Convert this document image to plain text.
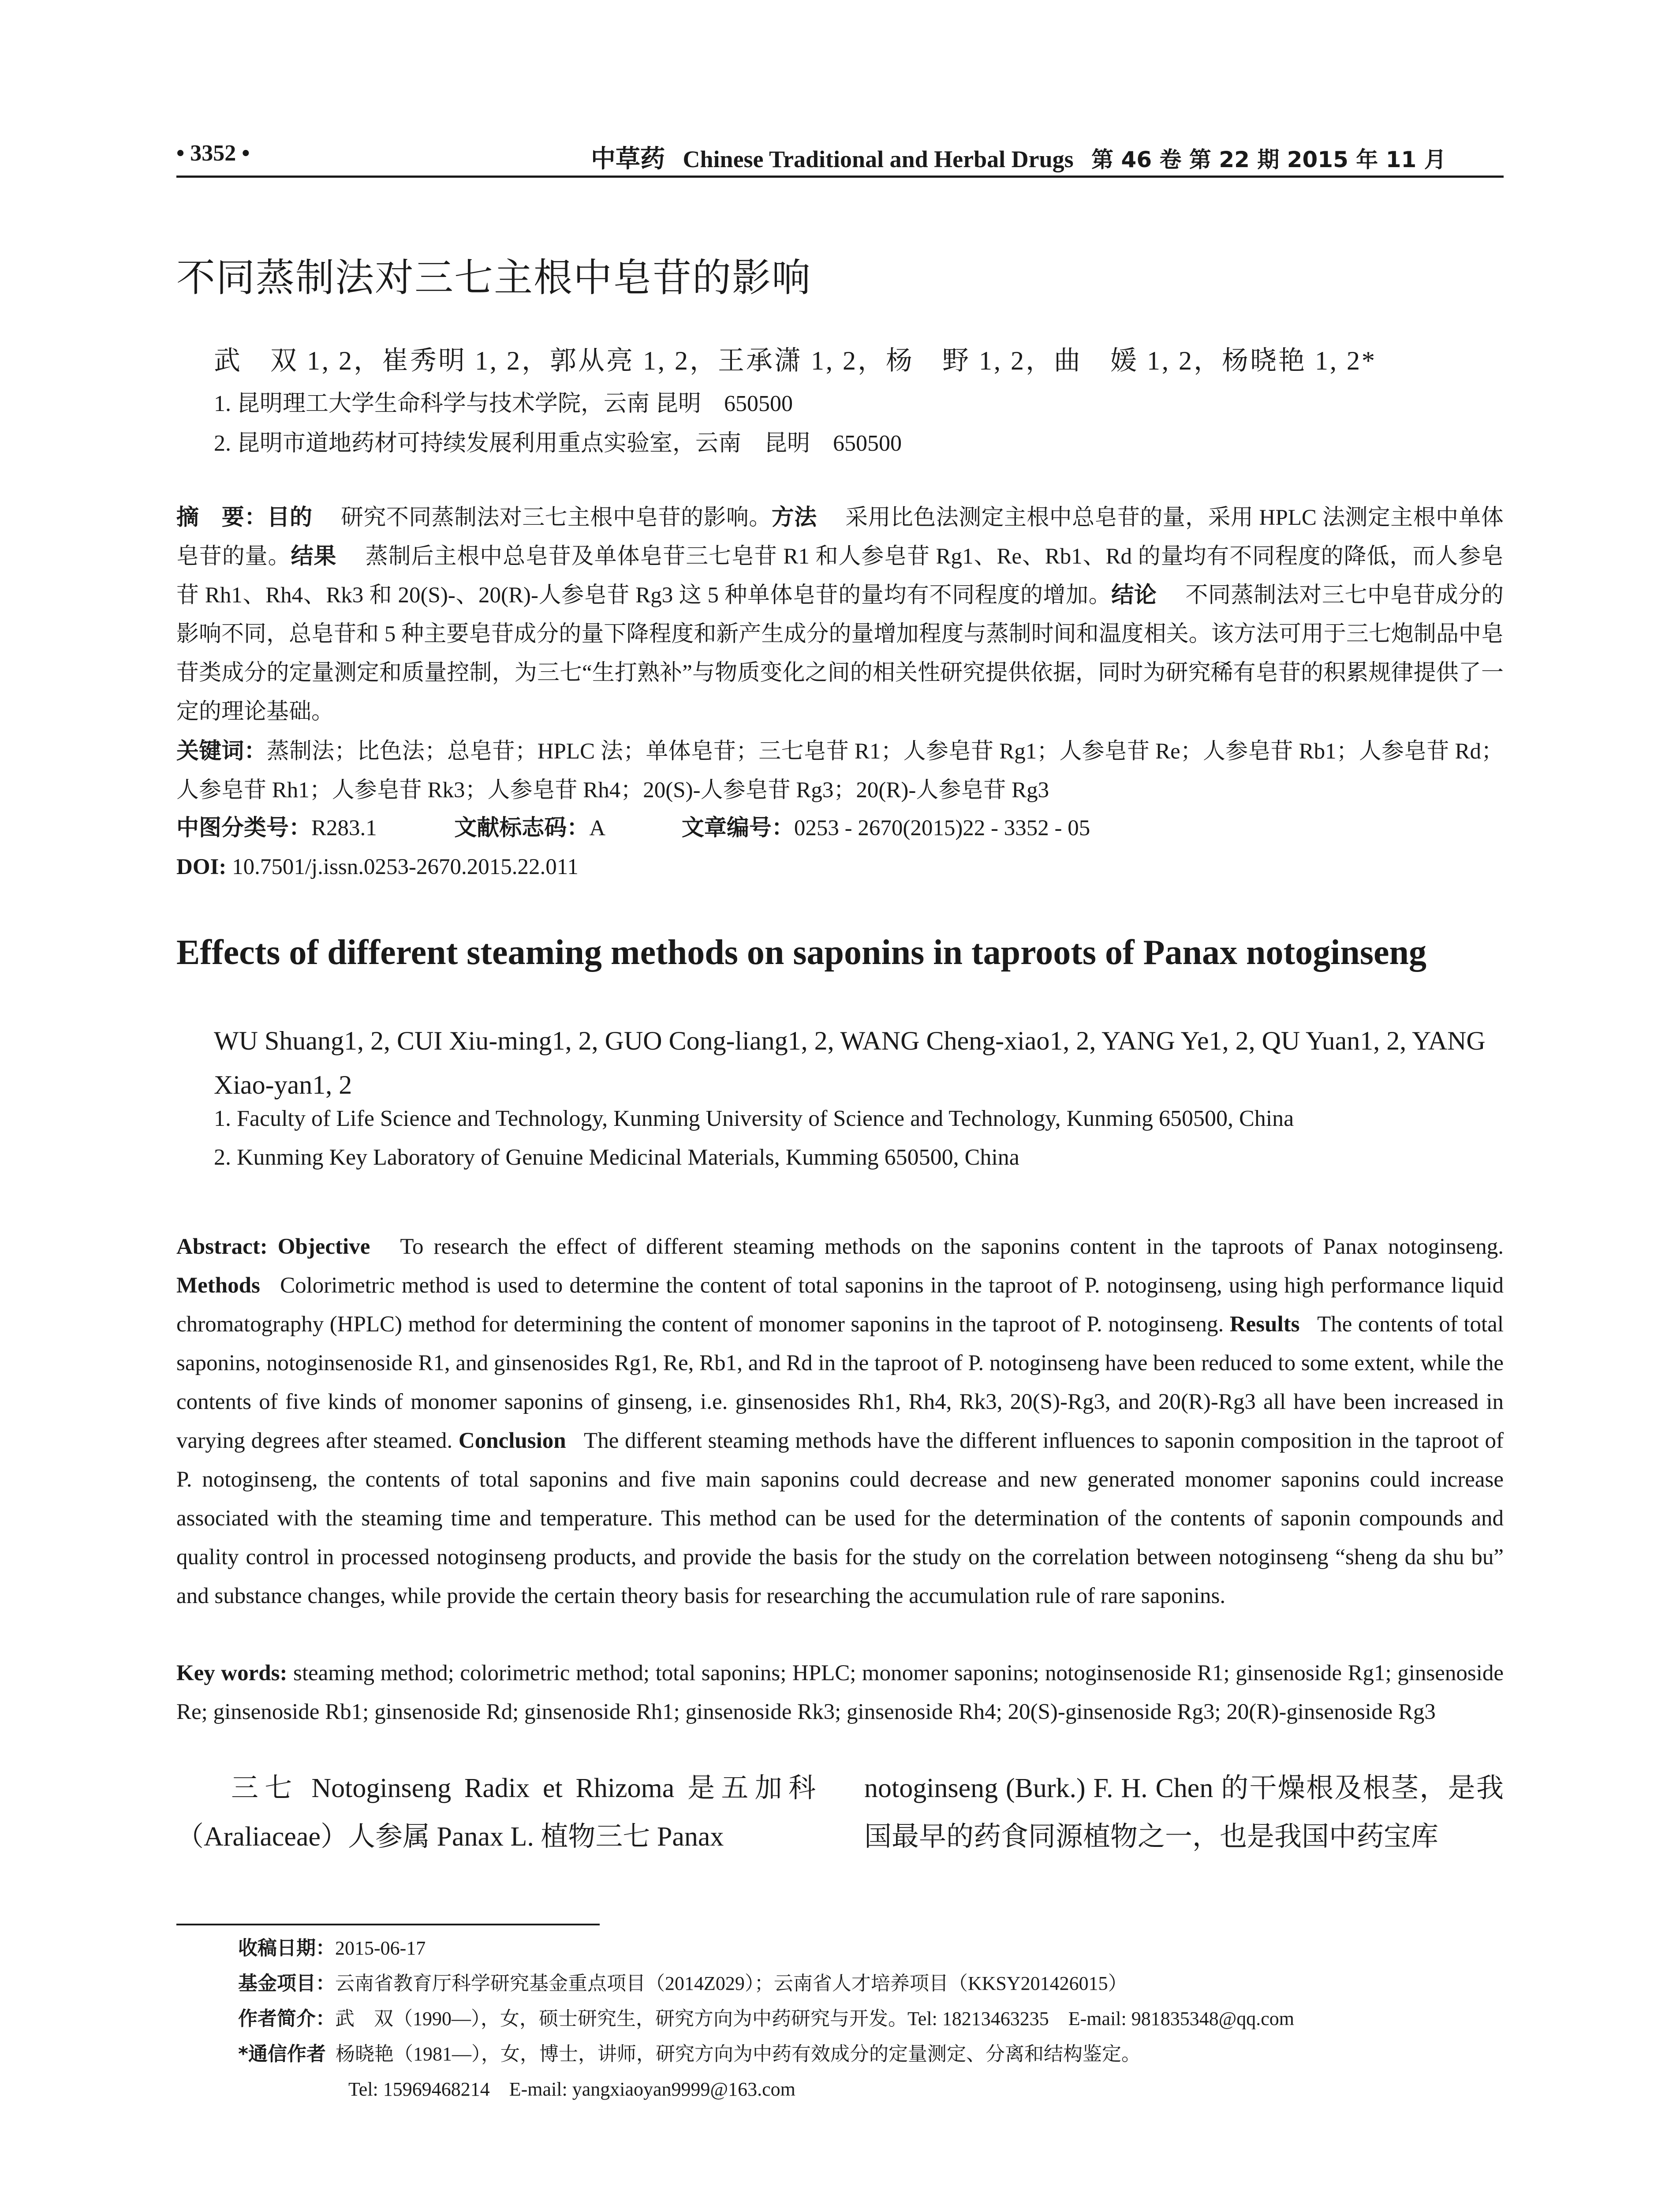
• 3352 •	中草药 Chinese Traditional and Herbal Drugs 第 46 卷 第 22 期 2015 年 11 月
不同蒸制法对三七主根中皂苷的影响
武　双 1, 2，崔秀明 1, 2，郭从亮 1, 2，王承潇 1, 2，杨　野 1, 2，曲　媛 1, 2，杨晓艳 1, 2*
1. 昆明理工大学生命科学与技术学院，云南 昆明　650500
2. 昆明市道地药材可持续发展利用重点实验室，云南　昆明　650500
摘　要：目的　 研究不同蒸制法对三七主根中皂苷的影响。方法　 采用比色法测定主根中总皂苷的量，采用 HPLC 法测定主根中单体皂苷的量。结果　 蒸制后主根中总皂苷及单体皂苷三七皂苷 R1 和人参皂苷 Rg1、Re、Rb1、Rd 的量均有不同程度的降低，而人参皂苷 Rh1、Rh4、Rk3 和 20(S)-、20(R)-人参皂苷 Rg3 这 5 种单体皂苷的量均有不同程度的增加。结论　 不同蒸制法对三七中皂苷成分的影响不同，总皂苷和 5 种主要皂苷成分的量下降程度和新产生成分的量增加程度与蒸制时间和温度相关。该方法可用于三七炮制品中皂苷类成分的定量测定和质量控制，为三七“生打熟补”与物质变化之间的相关性研究提供依据，同时为研究稀有皂苷的积累规律提供了一定的理论基础。
关键词：蒸制法；比色法；总皂苷；HPLC 法；单体皂苷；三七皂苷 R1；人参皂苷 Rg1；人参皂苷 Re；人参皂苷 Rb1；人参皂苷 Rd；人参皂苷 Rh1；人参皂苷 Rk3；人参皂苷 Rh4；20(S)-人参皂苷 Rg3；20(R)-人参皂苷 Rg3
中图分类号：R283.1	文献标志码：A	文章编号：0253 - 2670(2015)22 - 3352 - 05
DOI: 10.7501/j.issn.0253-2670.2015.22.011
Effects of different steaming methods on saponins in taproots of Panax notoginseng
WU Shuang1, 2, CUI Xiu-ming1, 2, GUO Cong-liang1, 2, WANG Cheng-xiao1, 2, YANG Ye1, 2, QU Yuan1, 2, YANG Xiao-yan1, 2
1. Faculty of Life Science and Technology, Kunming University of Science and Technology, Kunming 650500, China
2. Kunming Key Laboratory of Genuine Medicinal Materials, Kumming 650500, China
Abstract: Objective To research the effect of different steaming methods on the saponins content in the taproots of Panax notoginseng. Methods Colorimetric method is used to determine the content of total saponins in the taproot of P. notoginseng, using high performance liquid chromatography (HPLC) method for determining the content of monomer saponins in the taproot of P. notoginseng. Results The contents of total saponins, notoginsenoside R1, and ginsenosides Rg1, Re, Rb1, and Rd in the taproot of P. notoginseng have been reduced to some extent, while the contents of five kinds of monomer saponins of ginseng, i.e. ginsenosides Rh1, Rh4, Rk3, 20(S)-Rg3, and 20(R)-Rg3 all have been increased in varying degrees after steamed. Conclusion The different steaming methods have the different influences to saponin composition in the taproot of P. notoginseng, the contents of total saponins and five main saponins could decrease and new generated monomer saponins could increase associated with the steaming time and temperature. This method can be used for the determination of the contents of saponin compounds and quality control in processed notoginseng products, and provide the basis for the study on the correlation between notoginseng “sheng da shu bu” and substance changes, while provide the certain theory basis for researching the accumulation rule of rare saponins.
Key words: steaming method; colorimetric method; total saponins; HPLC; monomer saponins; notoginsenoside R1; ginsenoside Rg1; ginsenoside Re; ginsenoside Rb1; ginsenoside Rd; ginsenoside Rh1; ginsenoside Rk3; ginsenoside Rh4; 20(S)-ginsenoside Rg3; 20(R)-ginsenoside Rg3
三七 Notoginseng Radix et Rhizoma 是五加科（Araliaceae）人参属 Panax L. 植物三七 Panax
notoginseng (Burk.) F. H. Chen 的干燥根及根茎，是我国最早的药食同源植物之一，也是我国中药宝库
收稿日期：2015-06-17
基金项目：云南省教育厅科学研究基金重点项目（2014Z029）；云南省人才培养项目（KKSY201426015）
作者简介：武　双（1990—），女，硕士研究生，研究方向为中药研究与开发。Tel: 18213463235　E-mail: 981835348@qq.com
*通信作者 杨晓艳（1981—），女，博士，讲师，研究方向为中药有效成分的定量测定、分离和结构鉴定。
Tel: 15969468214　E-mail: yangxiaoyan9999@163.com
